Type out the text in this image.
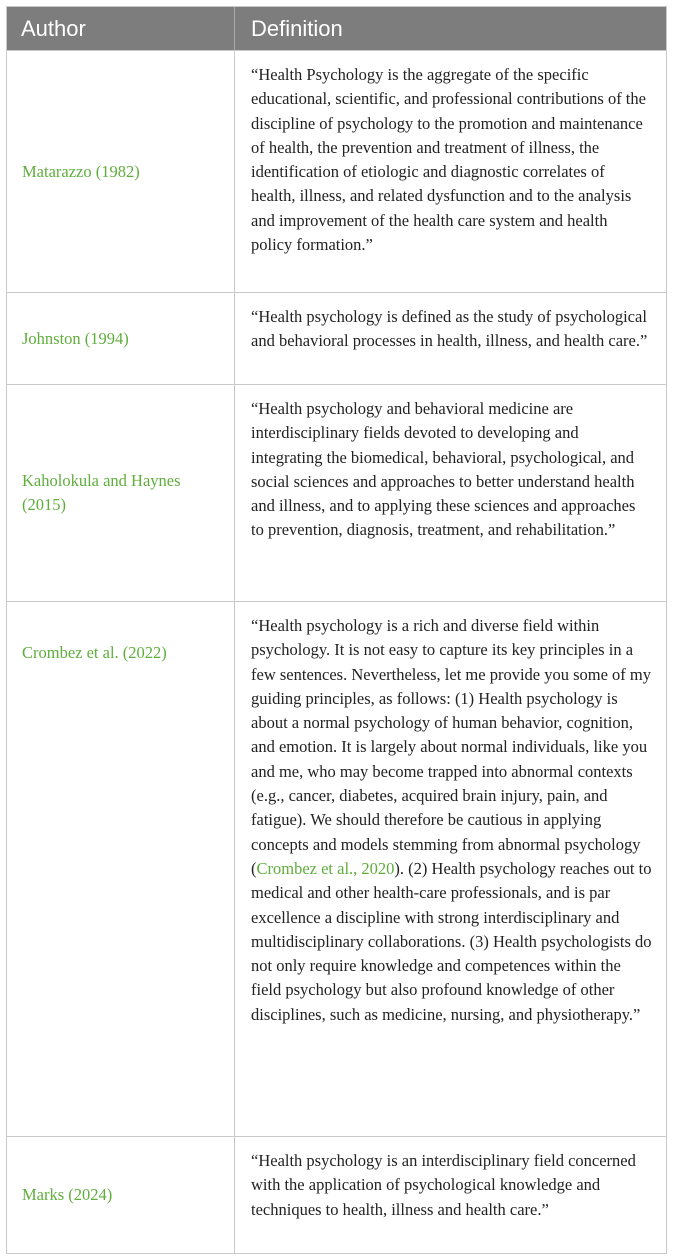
Author	Definition
Matarazzo (1982)
“Health Psychology is the aggregate of the specific educational, scientific, and professional contributions of the discipline of psychology to the promotion and maintenance of health, the prevention and treatment of illness, the identification of etiologic and diagnostic correlates of health, illness, and related dysfunction and to the analysis and improvement of the health care system and health policy formation.”
Johnston (1994)
“Health psychology is defined as the study of psychological and behavioral processes in health, illness, and health care.”
Kaholokula and Haynes (2015)
“Health psychology and behavioral medicine are interdisciplinary fields devoted to developing and integrating the biomedical, behavioral, psychological, and social sciences and approaches to better understand health and illness, and to applying these sciences and approaches to prevention, diagnosis, treatment, and rehabilitation.”
Crombez et al. (2022)
“Health psychology is a rich and diverse field within psychology. It is not easy to capture its key principles in a few sentences. Nevertheless, let me provide you some of my guiding principles, as follows: (1) Health psychology is about a normal psychology of human behavior, cognition, and emotion. It is largely about normal individuals, like you and me, who may become trapped into abnormal contexts (e.g., cancer, diabetes, acquired brain injury, pain, and fatigue). We should therefore be cautious in applying concepts and models stemming from abnormal psychology (Crombez et al., 2020). (2) Health psychology reaches out to medical and other health-care professionals, and is par excellence a discipline with strong interdisciplinary and multidisciplinary collaborations. (3) Health psychologists do not only require knowledge and competences within the field psychology but also profound knowledge of other disciplines, such as medicine, nursing, and physiotherapy.”
Marks (2024)
“Health psychology is an interdisciplinary field concerned with the application of psychological knowledge and techniques to health, illness and health care.”
